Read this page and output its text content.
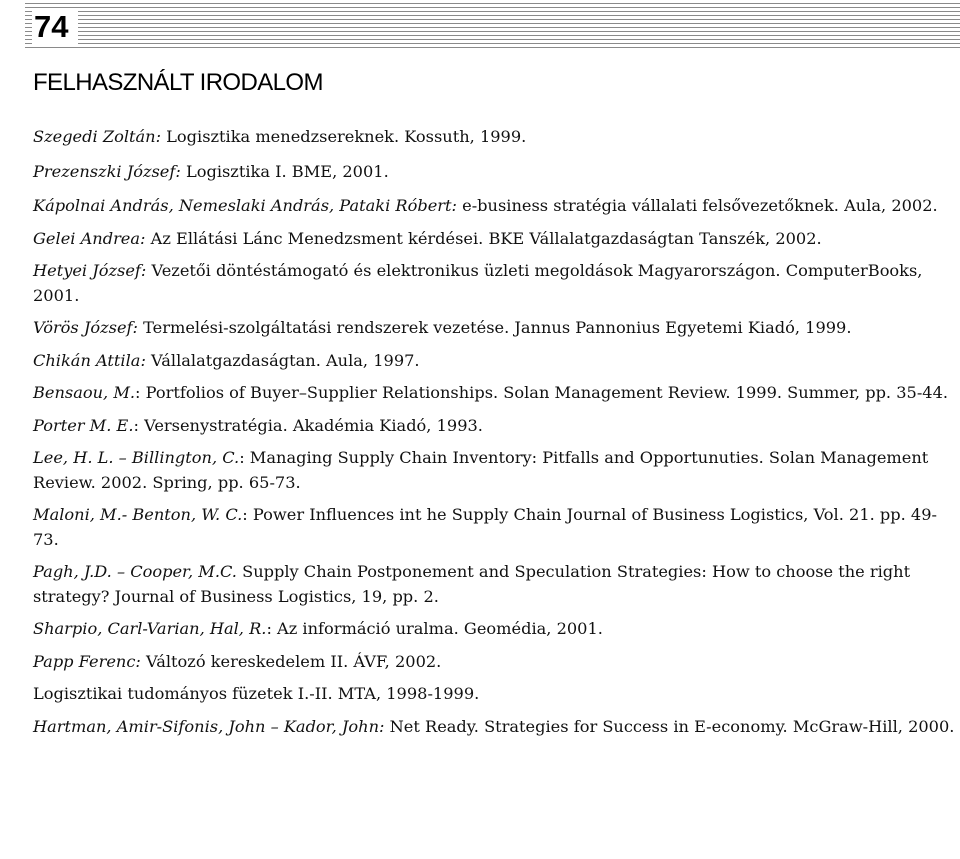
74
FELHASZNÁLT IRODALOM
Szegedi Zoltán: Logisztika menedzsereknek. Kossuth, 1999.
Prezenszki József: Logisztika I. BME, 2001.
Kápolnai András, Nemeslaki András, Pataki Róbert: e-business stratégia vállalati felsővezetőknek. Aula, 2002.
Gelei Andrea: Az Ellátási Lánc Menedzsment kérdései. BKE Vállalatgazdaságtan Tanszék, 2002.
Hetyei József: Vezetői döntéstámogató és elektronikus üzleti megoldások Magyarországon. ComputerBooks, 2001.
Vörös József: Termelési-szolgáltatási rendszerek vezetése. Jannus Pannonius Egyetemi Kiadó, 1999.
Chikán Attila: Vállalatgazdaságtan. Aula, 1997.
Bensaou, M.: Portfolios of Buyer–Supplier Relationships. Solan Management Review. 1999. Summer, pp. 35-44.
Porter M. E.: Versenystratégia. Akadémia Kiadó, 1993.
Lee, H. L. – Billington, C.: Managing Supply Chain Inventory: Pitfalls and Opportunuties. Solan Management Review. 2002. Spring, pp. 65-73.
Maloni, M.- Benton, W. C.: Power Influences int he Supply Chain Journal of Business Logistics, Vol. 21. pp. 49-73.
Pagh, J.D. – Cooper, M.C. Supply Chain Postponement and Speculation Strategies: How to choose the right strategy? Journal of Business Logistics, 19, pp. 2.
Sharpio, Carl-Varian, Hal, R.: Az információ uralma. Geomédia, 2001.
Papp Ferenc: Változó kereskedelem II. ÁVF, 2002.
Logisztikai tudományos füzetek I.-II. MTA, 1998-1999.
Hartman, Amir-Sifonis, John – Kador, John: Net Ready. Strategies for Success in E-economy. McGraw-Hill, 2000.
